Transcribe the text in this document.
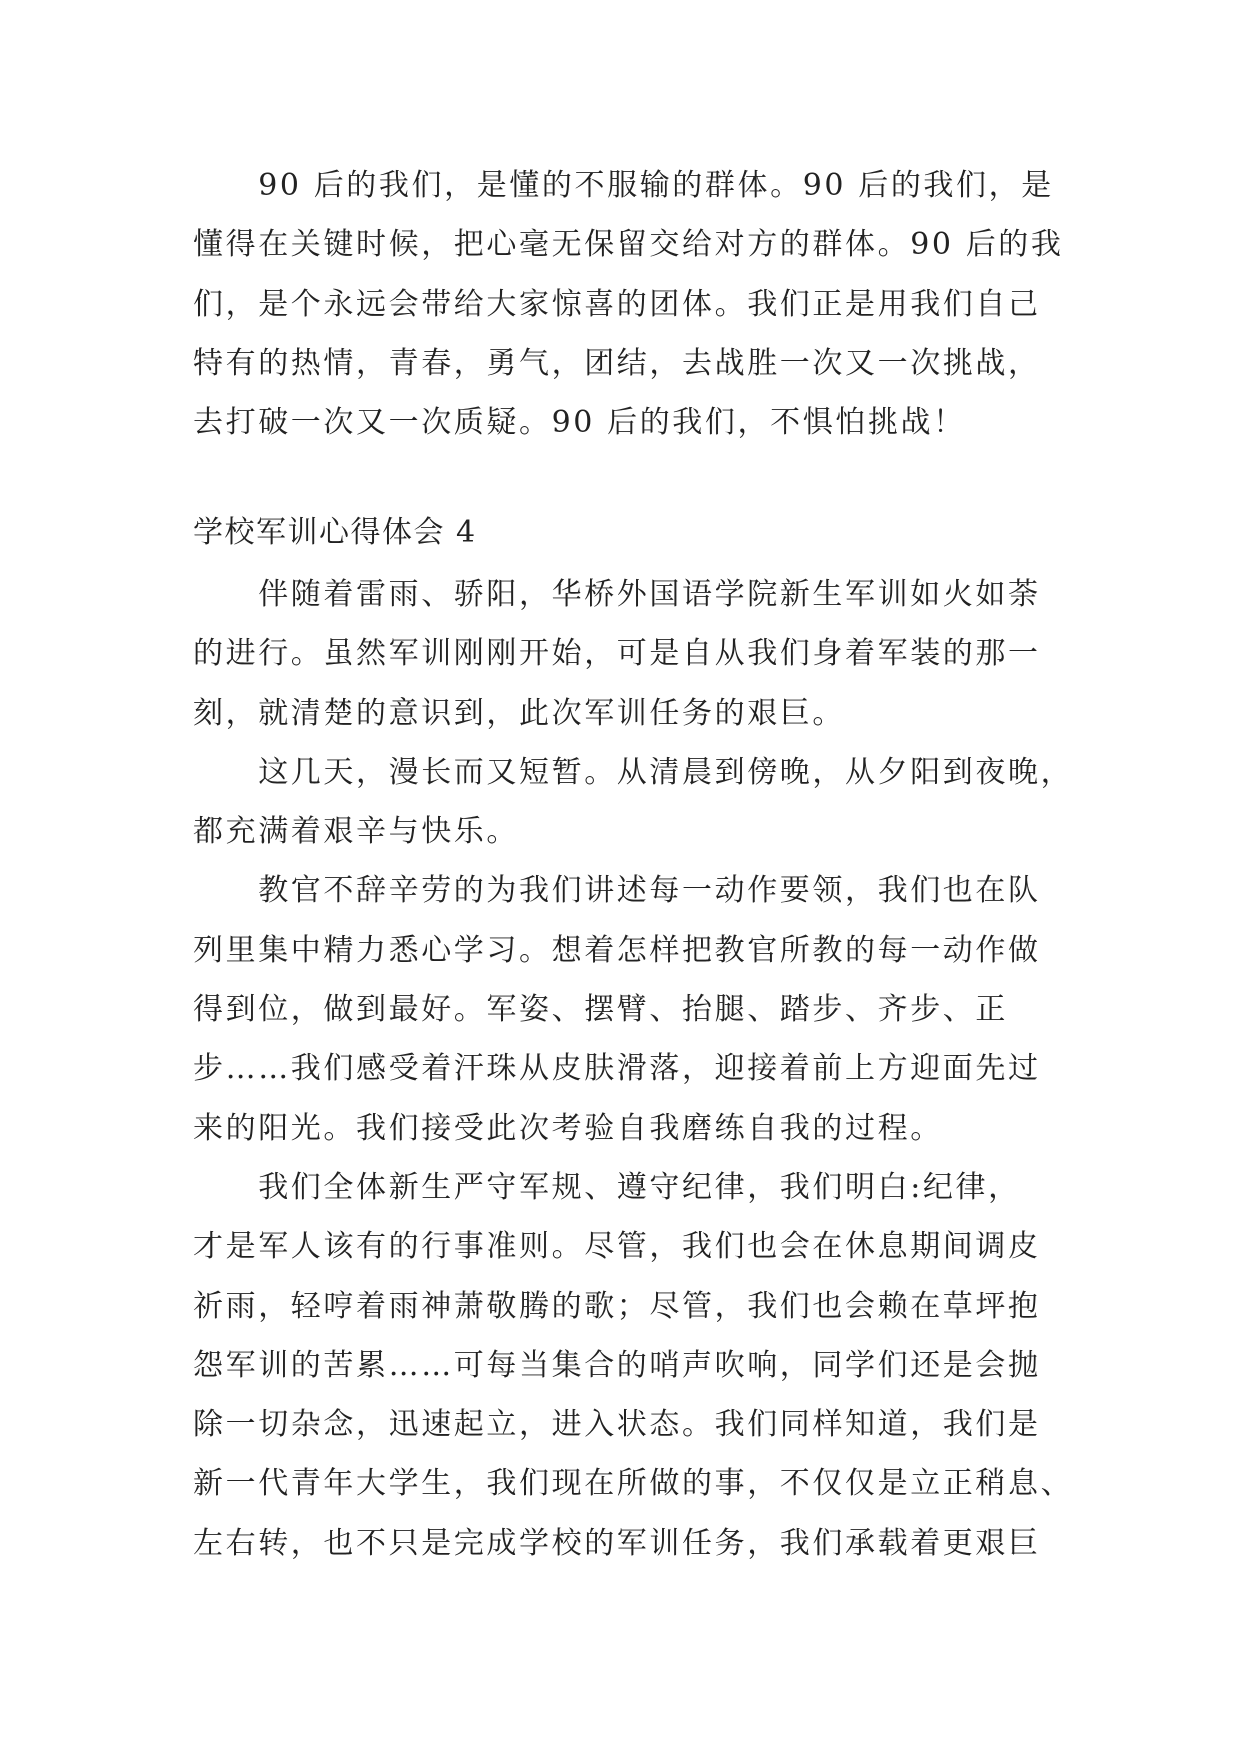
　　90 后的我们，是懂的不服输的群体。90 后的我们，是
懂得在关键时候，把心毫无保留交给对方的群体。90 后的我
们，是个永远会带给大家惊喜的团体。我们正是用我们自己
特有的热情，青春，勇气，团结，去战胜一次又一次挑战，
去打破一次又一次质疑。90 后的我们，不惧怕挑战！
学校军训心得体会 4
　　伴随着雷雨、骄阳，华桥外国语学院新生军训如火如荼
的进行。虽然军训刚刚开始，可是自从我们身着军装的那一
刻，就清楚的意识到，此次军训任务的艰巨。
　　这几天，漫长而又短暂。从清晨到傍晚，从夕阳到夜晚，
都充满着艰辛与快乐。
　　教官不辞辛劳的为我们讲述每一动作要领，我们也在队
列里集中精力悉心学习。想着怎样把教官所教的每一动作做
得到位，做到最好。军姿、摆臂、抬腿、踏步、齐步、正
步……我们感受着汗珠从皮肤滑落，迎接着前上方迎面先过
来的阳光。我们接受此次考验自我磨练自我的过程。
　　我们全体新生严守军规、遵守纪律，我们明白:纪律，
才是军人该有的行事准则。尽管，我们也会在休息期间调皮
祈雨，轻哼着雨神萧敬腾的歌；尽管，我们也会赖在草坪抱
怨军训的苦累……可每当集合的哨声吹响，同学们还是会抛
除一切杂念，迅速起立，进入状态。我们同样知道，我们是
新一代青年大学生，我们现在所做的事，不仅仅是立正稍息、
左右转，也不只是完成学校的军训任务，我们承载着更艰巨
